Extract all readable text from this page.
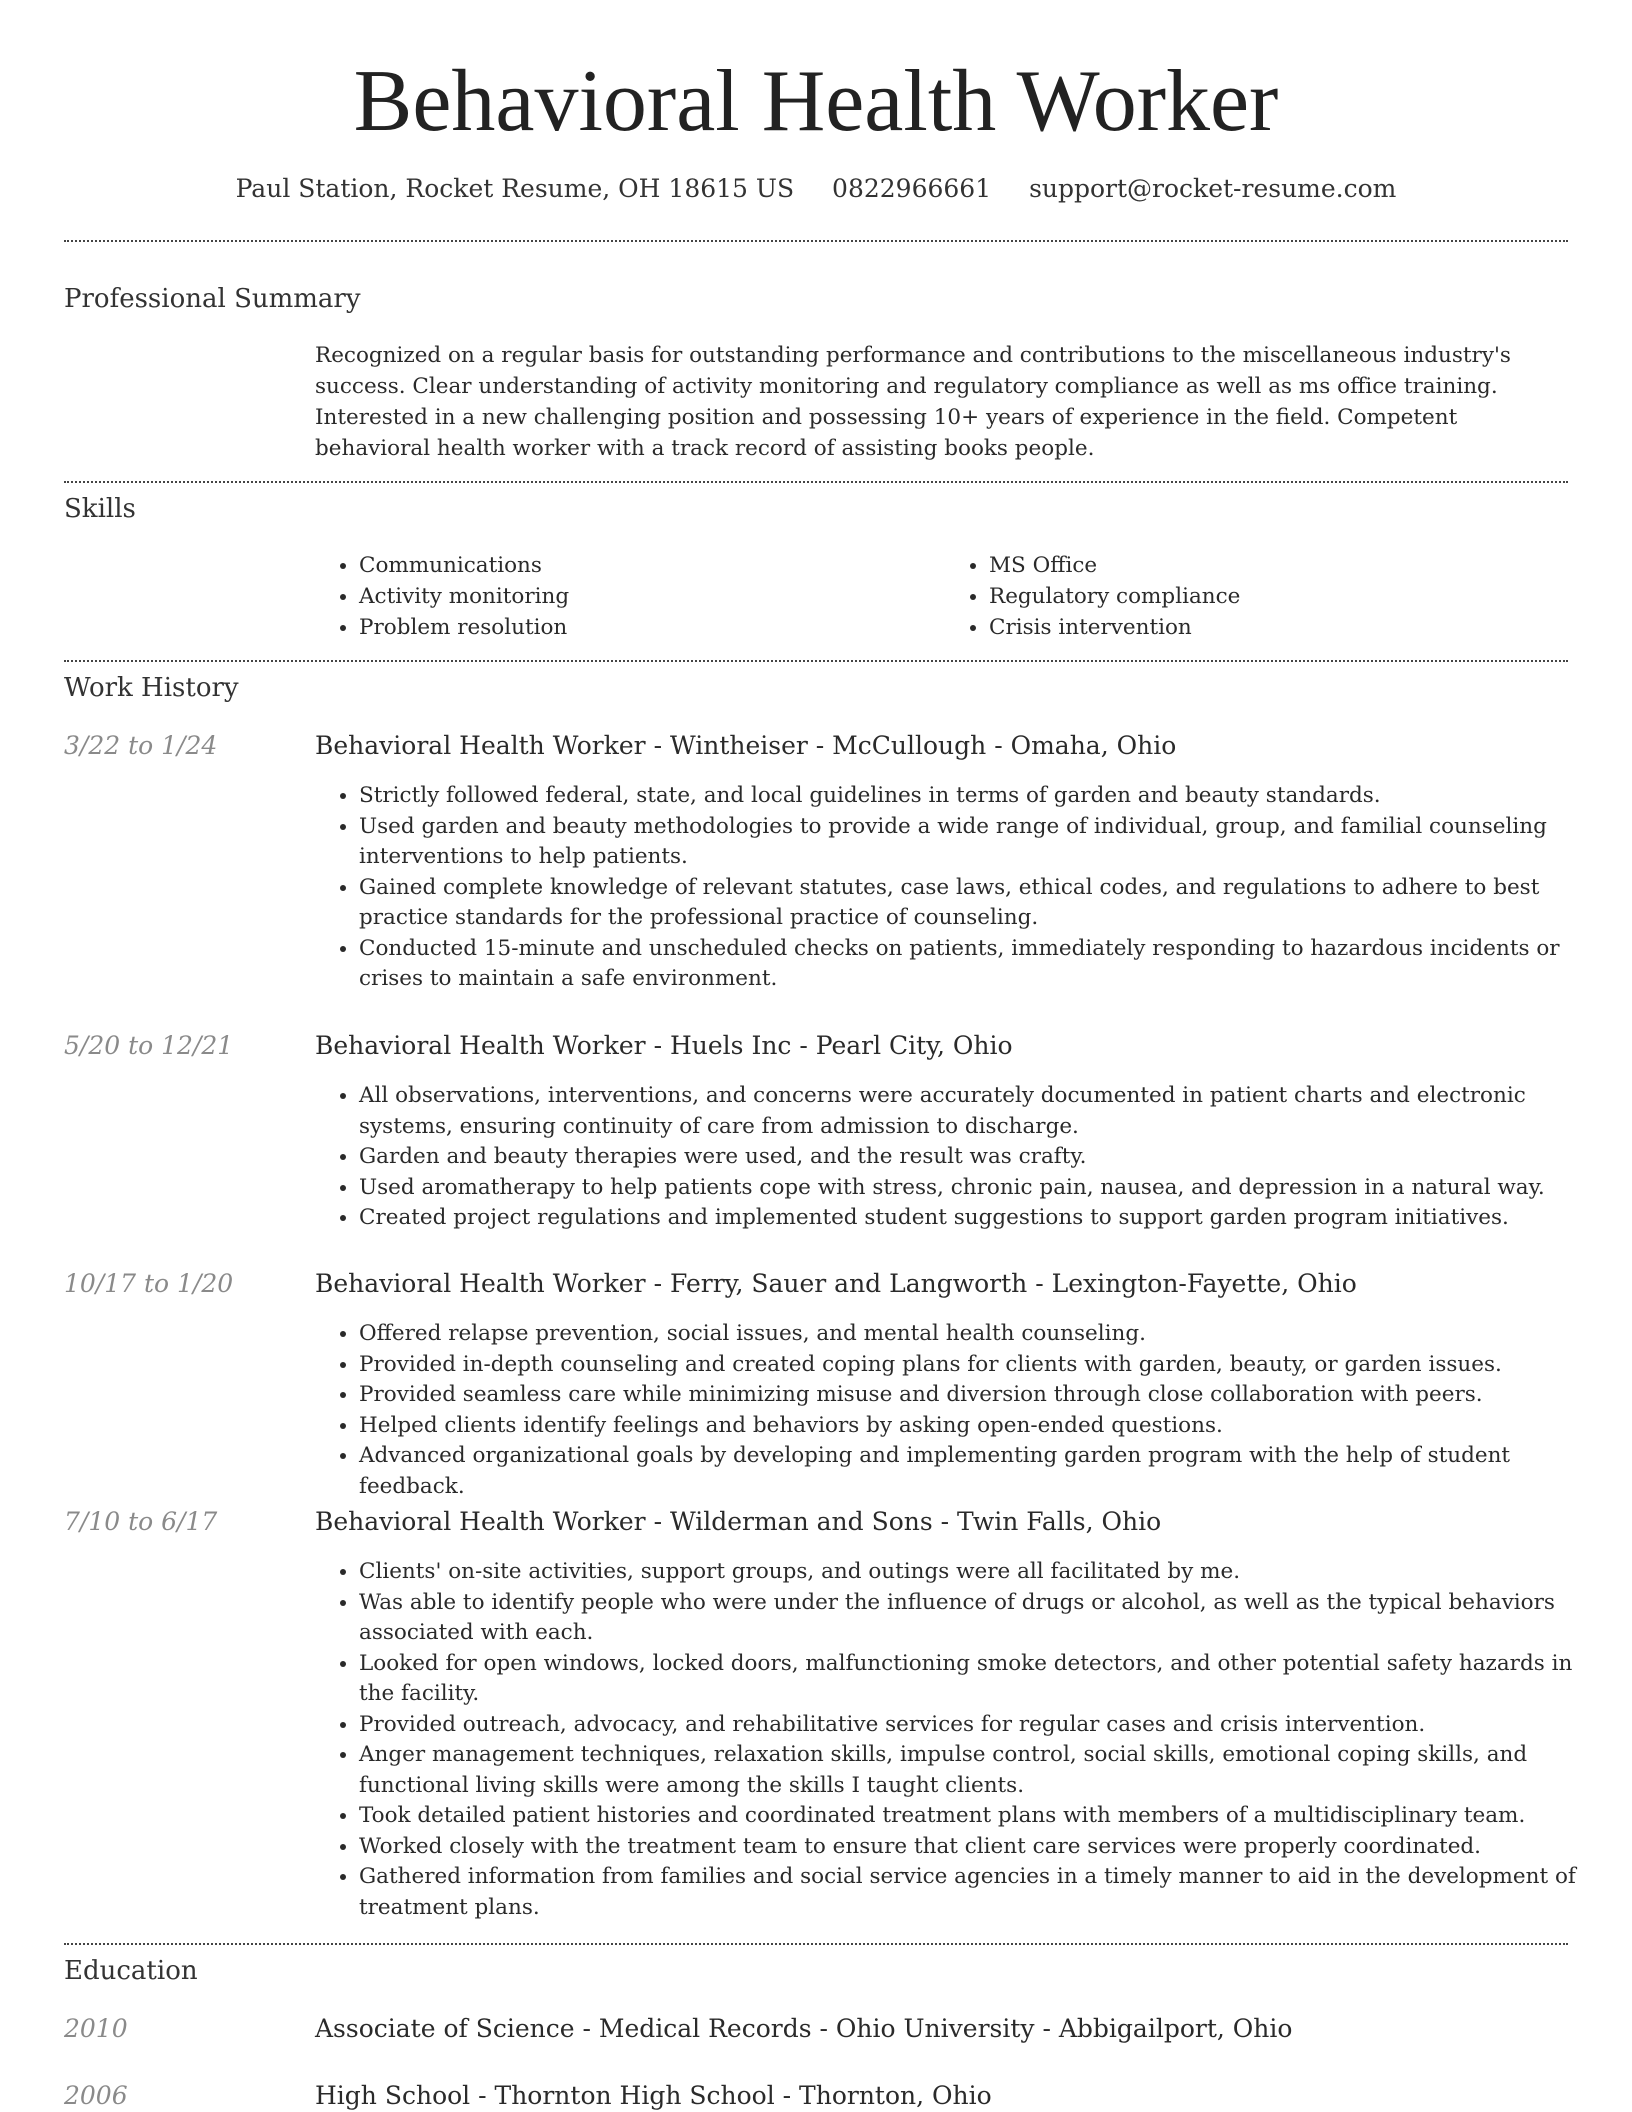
Behavioral Health Worker
Paul Station, Rocket Resume, OH 18615 US 0822966661 support@rocket-resume.com
Professional Summary
Recognized on a regular basis for outstanding performance and contributions to the miscellaneous industry's success. Clear understanding of activity monitoring and regulatory compliance as well as ms office training. Interested in a new challenging position and possessing 10+ years of experience in the field. Competent behavioral health worker with a track record of assisting books people.
Skills
• Communications
• Activity monitoring
• Problem resolution
• MS Office
• Regulatory compliance
• Crisis intervention
Work History
3/22 to 1/24	Behavioral Health Worker - Wintheiser - McCullough - Omaha, Ohio
• Strictly followed federal, state, and local guidelines in terms of garden and beauty standards.
• Used garden and beauty methodologies to provide a wide range of individual, group, and familial counseling interventions to help patients.
• Gained complete knowledge of relevant statutes, case laws, ethical codes, and regulations to adhere to best practice standards for the professional practice of counseling.
• Conducted 15-minute and unscheduled checks on patients, immediately responding to hazardous incidents or crises to maintain a safe environment.
5/20 to 12/21	Behavioral Health Worker - Huels Inc - Pearl City, Ohio
• All observations, interventions, and concerns were accurately documented in patient charts and electronic systems, ensuring continuity of care from admission to discharge.
• Garden and beauty therapies were used, and the result was crafty.
• Used aromatherapy to help patients cope with stress, chronic pain, nausea, and depression in a natural way.
• Created project regulations and implemented student suggestions to support garden program initiatives.
10/17 to 1/20	Behavioral Health Worker - Ferry, Sauer and Langworth - Lexington-Fayette, Ohio
• Offered relapse prevention, social issues, and mental health counseling.
• Provided in-depth counseling and created coping plans for clients with garden, beauty, or garden issues.
• Provided seamless care while minimizing misuse and diversion through close collaboration with peers.
• Helped clients identify feelings and behaviors by asking open-ended questions.
• Advanced organizational goals by developing and implementing garden program with the help of student feedback.
7/10 to 6/17	Behavioral Health Worker - Wilderman and Sons - Twin Falls, Ohio
• Clients' on-site activities, support groups, and outings were all facilitated by me.
• Was able to identify people who were under the influence of drugs or alcohol, as well as the typical behaviors associated with each.
• Looked for open windows, locked doors, malfunctioning smoke detectors, and other potential safety hazards in the facility.
• Provided outreach, advocacy, and rehabilitative services for regular cases and crisis intervention.
• Anger management techniques, relaxation skills, impulse control, social skills, emotional coping skills, and functional living skills were among the skills I taught clients.
• Took detailed patient histories and coordinated treatment plans with members of a multidisciplinary team.
• Worked closely with the treatment team to ensure that client care services were properly coordinated.
• Gathered information from families and social service agencies in a timely manner to aid in the development of treatment plans.
Education
2010	Associate of Science - Medical Records - Ohio University - Abbigailport, Ohio
2006	High School - Thornton High School - Thornton, Ohio
